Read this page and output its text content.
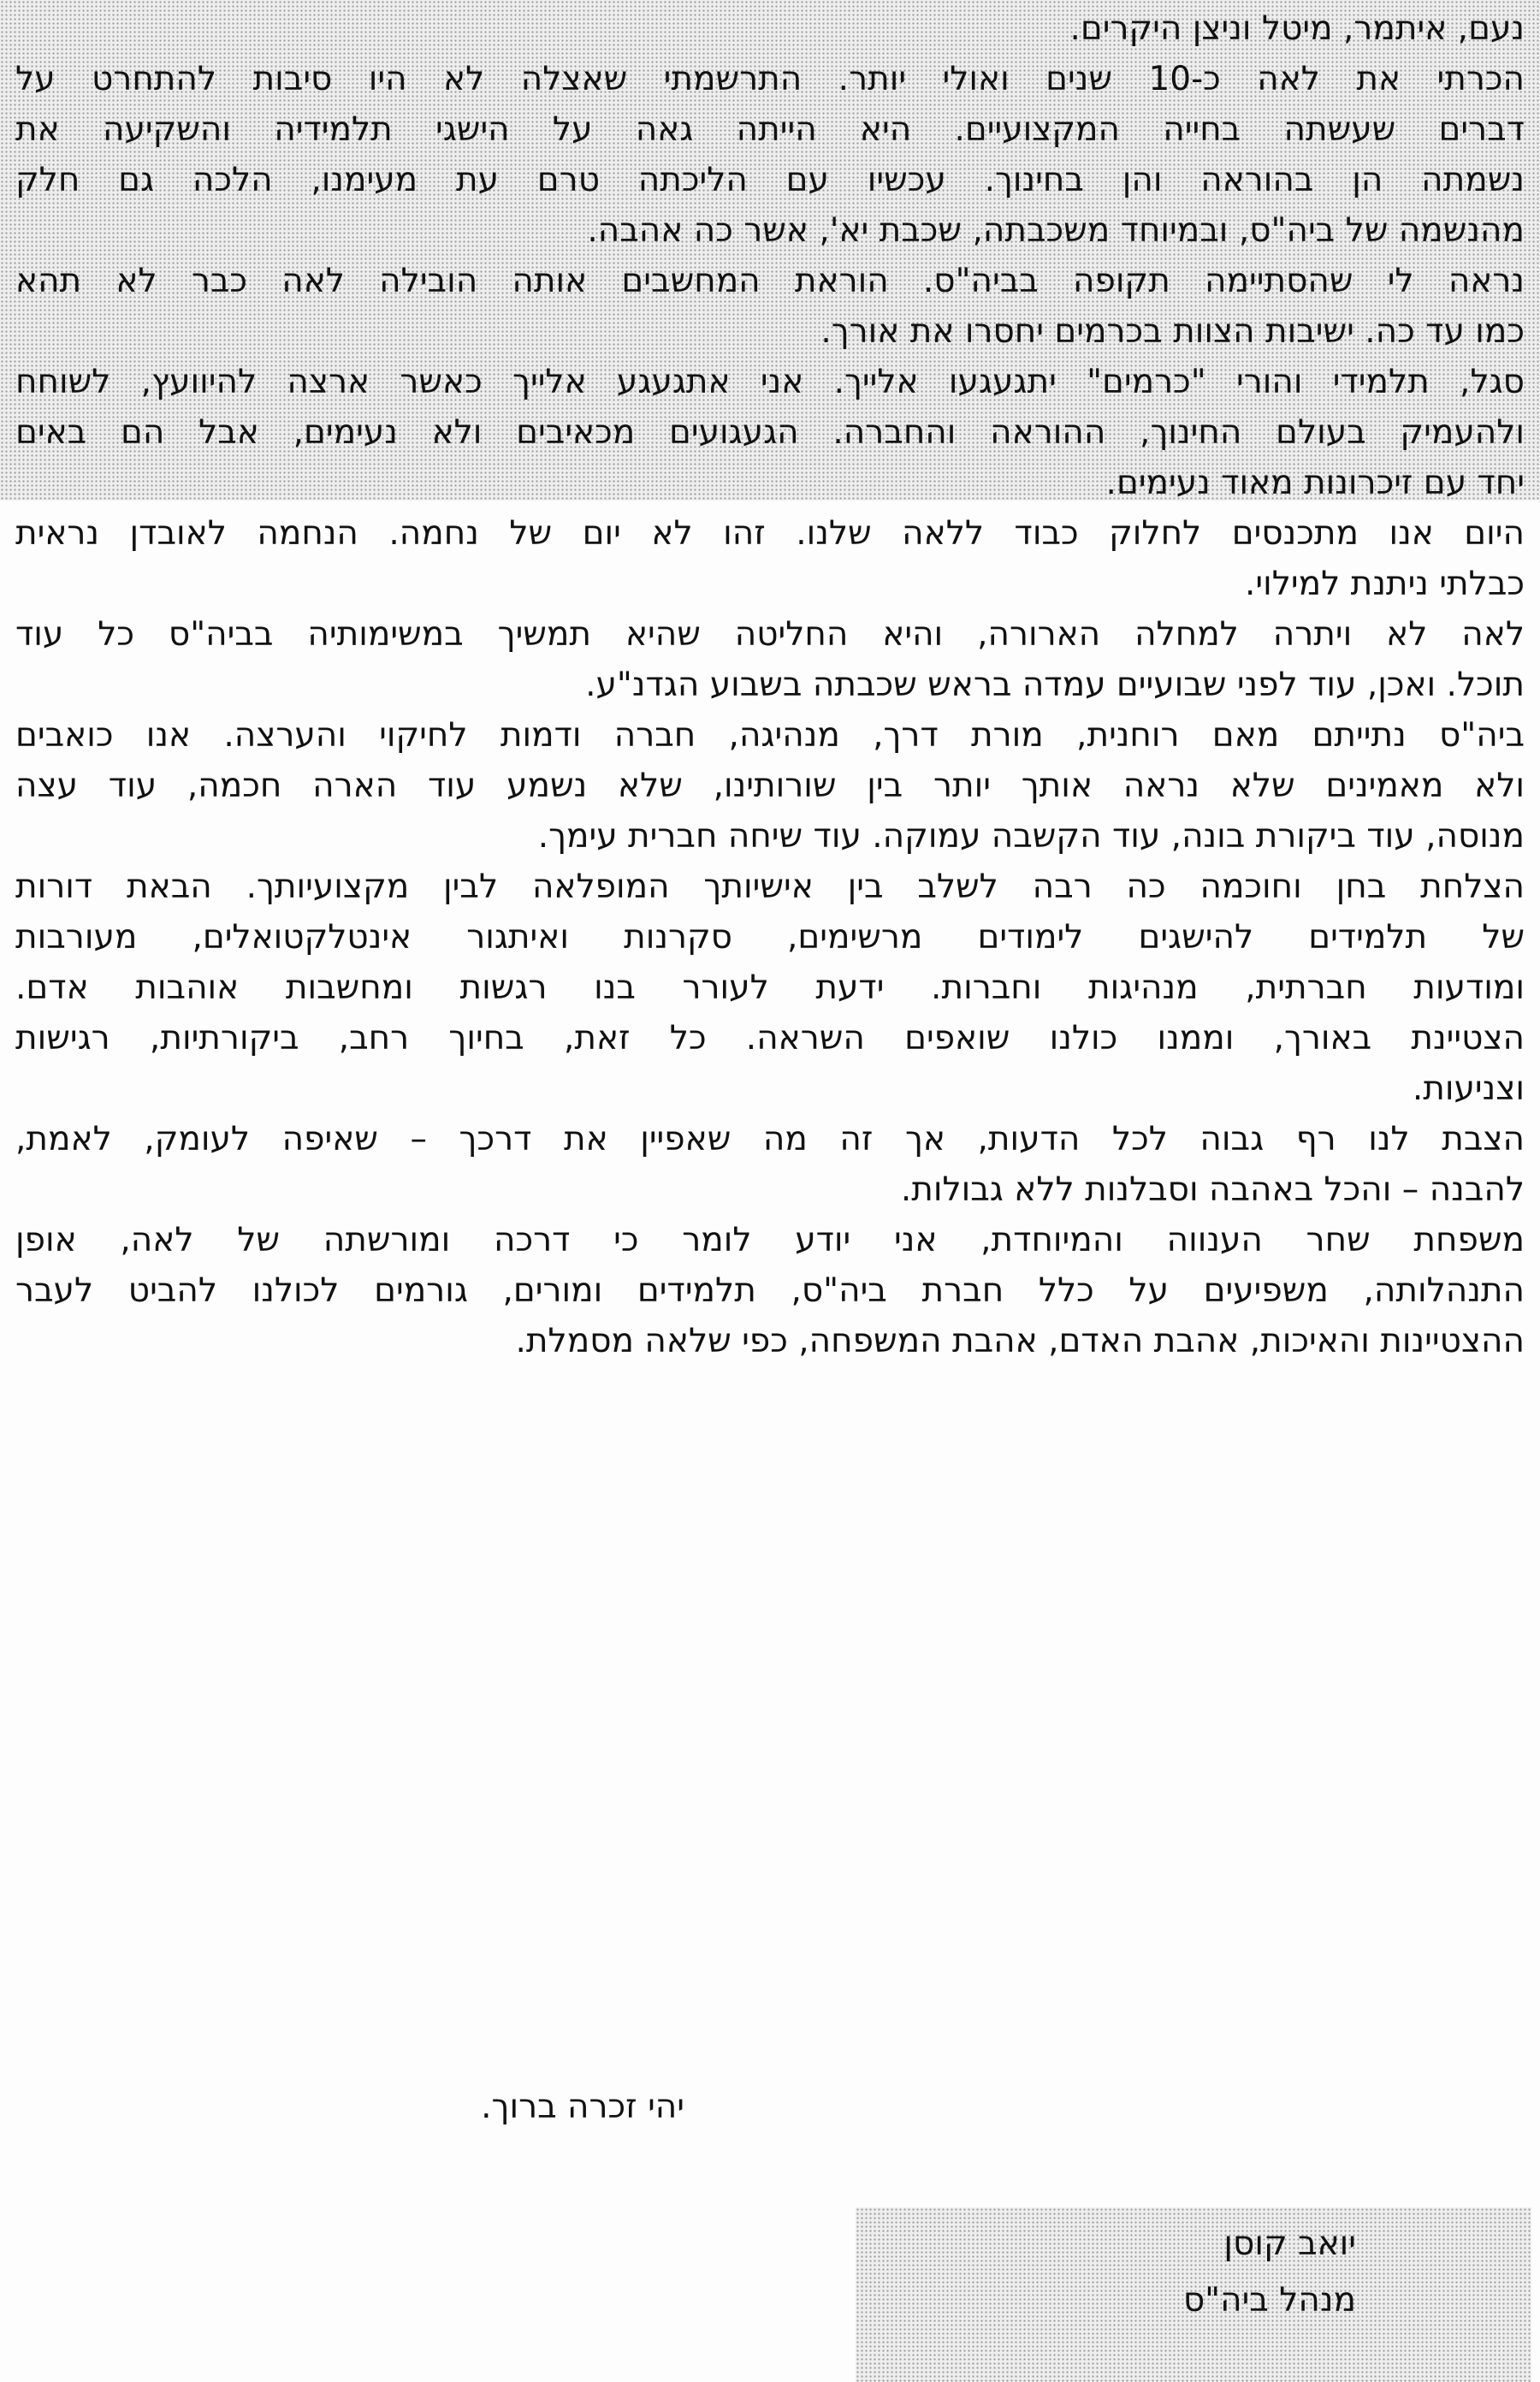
נעם, איתמר, מיטל וניצן היקרים.
הכרתי את לאה כ-10 שנים ואולי יותר. התרשמתי שאצלה לא היו סיבות להתחרט על
דברים שעשתה בחייה המקצועיים. היא הייתה גאה על הישגי תלמידיה והשקיעה את
נשמתה הן בהוראה והן בחינוך. עכשיו עם הליכתה טרם עת מעימנו, הלכה גם חלק
מהנשמה של ביה"ס, ובמיוחד משכבתה, שכבת יא', אשר כה אהבה.
נראה לי שהסתיימה תקופה בביה"ס. הוראת המחשבים אותה הובילה לאה כבר לא תהא
כמו עד כה. ישיבות הצוות בכרמים יחסרו את אורך.
סגל, תלמידי והורי "כרמים" יתגעגעו אלייך. אני אתגעגע אלייך כאשר ארצה להיוועץ, לשוחח
ולהעמיק בעולם החינוך, ההוראה והחברה. הגעגועים מכאיבים ולא נעימים, אבל הם באים
יחד עם זיכרונות מאוד נעימים.
היום אנו מתכנסים לחלוק כבוד ללאה שלנו. זהו לא יום של נחמה. הנחמה לאובדן נראית
כבלתי ניתנת למילוי.
לאה לא ויתרה למחלה הארורה, והיא החליטה שהיא תמשיך במשימותיה בביה"ס כל עוד
תוכל. ואכן, עוד לפני שבועיים עמדה בראש שכבתה בשבוע הגדנ"ע.
ביה"ס נתייתם מאם רוחנית, מורת דרך, מנהיגה, חברה ודמות לחיקוי והערצה. אנו כואבים
ולא מאמינים שלא נראה אותך יותר בין שורותינו, שלא נשמע עוד הארה חכמה, עוד עצה
מנוסה, עוד ביקורת בונה, עוד הקשבה עמוקה. עוד שיחה חברית עימך.
הצלחת בחן וחוכמה כה רבה לשלב בין אישיותך המופלאה לבין מקצועיותך. הבאת דורות
של תלמידים להישגים לימודים מרשימים, סקרנות ואיתגור אינטלקטואלים, מעורבות
ומודעות חברתית, מנהיגות וחברות. ידעת לעורר בנו רגשות ומחשבות אוהבות אדם.
הצטיינת באורך, וממנו כולנו שואפים השראה. כל זאת, בחיוך רחב, ביקורתיות, רגישות
וצניעות.
הצבת לנו רף גבוה לכל הדעות, אך זה מה שאפיין את דרכך – שאיפה לעומק, לאמת,
להבנה – והכל באהבה וסבלנות ללא גבולות.
משפחת שחר הענווה והמיוחדת, אני יודע לומר כי דרכה ומורשתה של לאה, אופן
התנהלותה, משפיעים על כלל חברת ביה"ס, תלמידים ומורים, גורמים לכולנו להביט לעבר
ההצטיינות והאיכות, אהבת האדם, אהבת המשפחה, כפי שלאה מסמלת.
יהי זכרה ברוך.
יואב קוסן
מנהל ביה"ס
